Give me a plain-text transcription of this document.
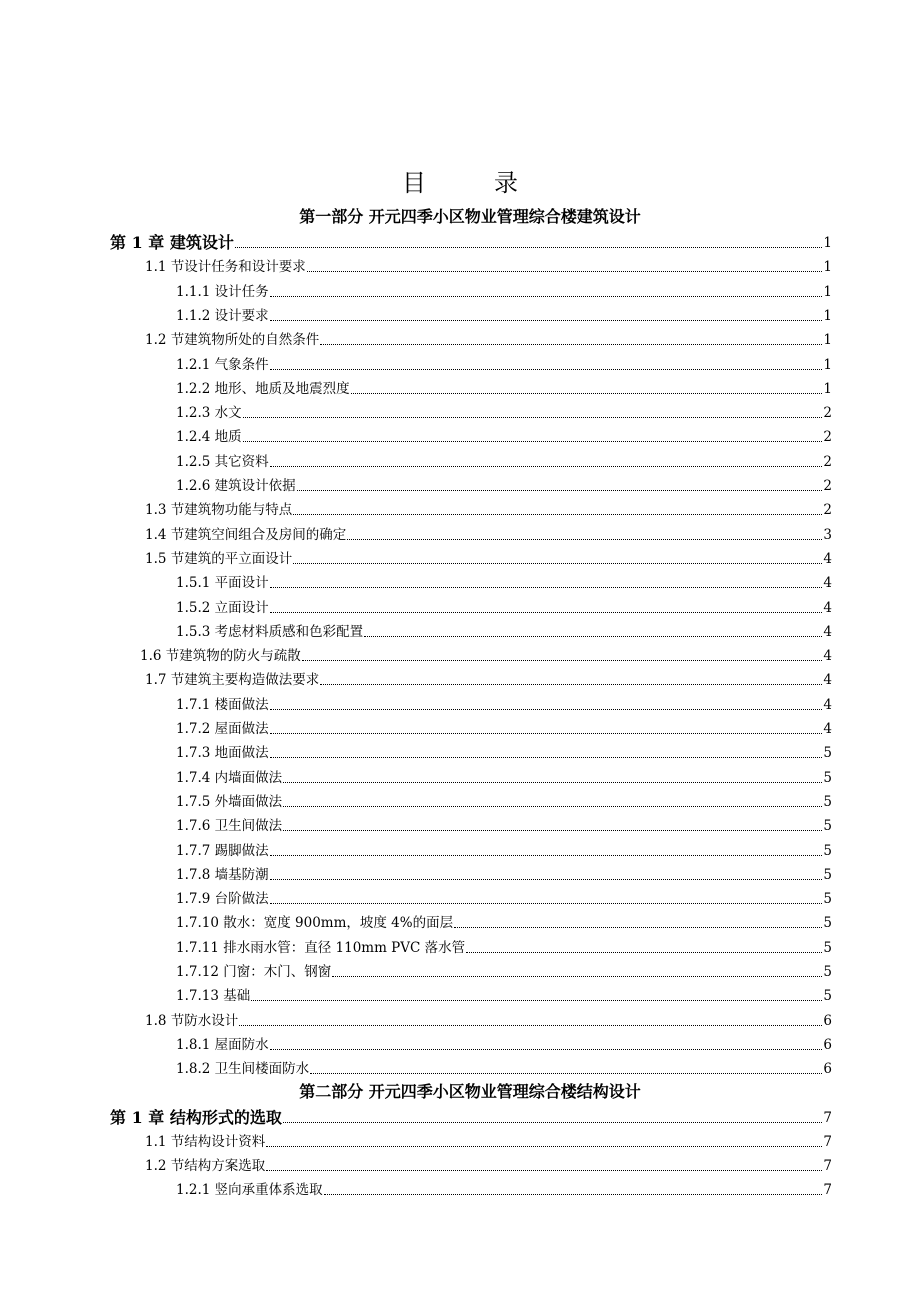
目　录
第一部分 开元四季小区物业管理综合楼建筑设计
第 1 章 建筑设计	1
1.1 节设计任务和设计要求	1
1.1.1 设计任务	1
1.1.2 设计要求	1
1.2 节建筑物所处的自然条件	1
1.2.1 气象条件	1
1.2.2 地形、地质及地震烈度	1
1.2.3 水文	2
1.2.4 地质	2
1.2.5 其它资料	2
1.2.6 建筑设计依据	2
1.3 节建筑物功能与特点	2
1.4 节建筑空间组合及房间的确定	3
1.5 节建筑的平立面设计	4
1.5.1 平面设计	4
1.5.2 立面设计	4
1.5.3 考虑材料质感和色彩配置	4
1.6 节建筑物的防火与疏散	4
1.7 节建筑主要构造做法要求	4
1.7.1 楼面做法	4
1.7.2 屋面做法	4
1.7.3 地面做法	5
1.7.4 内墙面做法	5
1.7.5 外墙面做法	5
1.7.6 卫生间做法	5
1.7.7 踢脚做法	5
1.7.8 墙基防潮	5
1.7.9 台阶做法	5
1.7.10 散水：宽度 900mm，坡度 4%的面层	5
1.7.11 排水雨水管：直径 110mm PVC 落水管	5
1.7.12 门窗：木门、钢窗	5
1.7.13 基础	5
1.8 节防水设计	6
1.8.1 屋面防水	6
1.8.2 卫生间楼面防水	6
第二部分 开元四季小区物业管理综合楼结构设计
第 1 章 结构形式的选取	7
1.1 节结构设计资料	7
1.2 节结构方案选取	7
1.2.1 竖向承重体系选取	7
